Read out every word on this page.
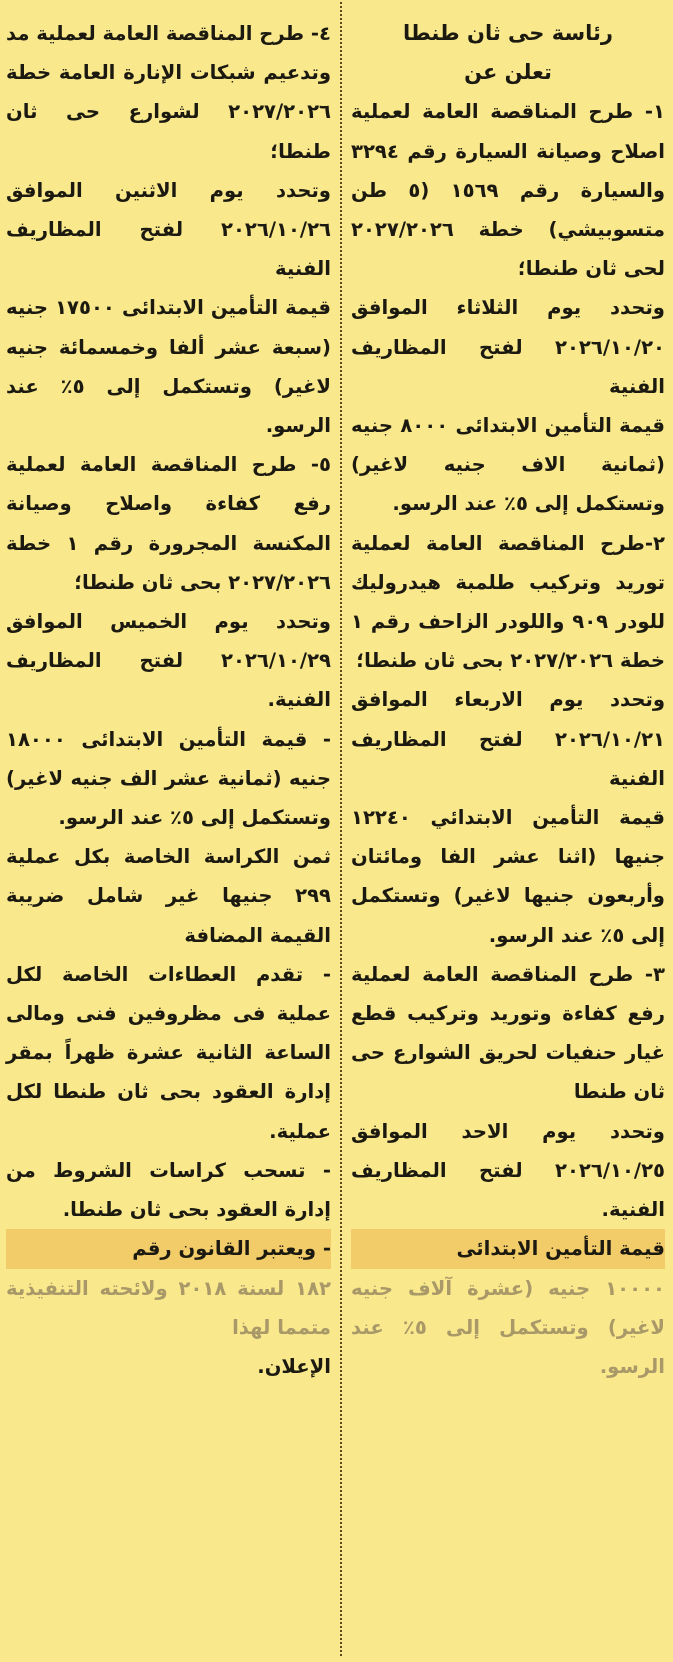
رئاسة حى ثان طنطا

تعلن عن

١- طرح المناقصة العامة لعملية اصلاح وصيانة السيارة رقم ٣٢٩٤ والسيارة رقم ١٥٦٩ (٥ طن متسوبيشي) خطة ٢٠٢٧/٢٠٢٦ لحى ثان طنطا؛

وتحدد يوم الثلاثاء الموافق ٢٠٢٦/١٠/٢٠ لفتح المظاريف الفنية

قيمة التأمين الابتدائى ٨٠٠٠ جنيه (ثمانية الاف جنيه لاغير) وتستكمل إلى ٥٪ عند الرسو.

٢-طرح المناقصة العامة لعملية توريد وتركيب طلمبة هيدروليك للودر ٩٠٩ واللودر الزاحف رقم ١ خطة ٢٠٢٧/٢٠٢٦ بحى ثان طنطا؛

وتحدد يوم الاربعاء الموافق ٢٠٢٦/١٠/٢١ لفتح المظاريف الفنية

قيمة التأمين الابتدائي ١٢٢٤٠ جنيها (اثنا عشر الفا ومائتان وأربعون جنيها لاغير) وتستكمل إلى ٥٪ عند الرسو.

٣- طرح المناقصة العامة لعملية رفع كفاءة وتوريد وتركيب قطع غيار حنفيات لحريق الشوارع حى ثان طنطا

وتحدد يوم الاحد الموافق ٢٠٢٦/١٠/٢٥ لفتح المظاريف الفنية.

قيمة التأمين الابتدائى

١٠٠٠٠ جنيه (عشرة آلاف جنيه لاغير) وتستكمل إلى ٥٪ عند الرسو.

٤- طرح المناقصة العامة لعملية مد وتدعيم شبكات الإنارة العامة خطة ٢٠٢٧/٢٠٢٦ لشوارع حى ثان طنطا؛

وتحدد يوم الاثنين الموافق ٢٠٢٦/١٠/٢٦ لفتح المظاريف الفنية

قيمة التأمين الابتدائى ١٧٥٠٠ جنيه (سبعة عشر ألفا وخمسمائة جنيه لاغير) وتستكمل إلى ٥٪ عند الرسو.

٥- طرح المناقصة العامة لعملية رفع كفاءة واصلاح وصيانة المكنسة المجرورة رقم ١ خطة ٢٠٢٧/٢٠٢٦ بحى ثان طنطا؛

وتحدد يوم الخميس الموافق ٢٠٢٦/١٠/٢٩ لفتح المظاريف الفنية.

- قيمة التأمين الابتدائى ١٨٠٠٠ جنيه (ثمانية عشر الف جنيه لاغير) وتستكمل إلى ٥٪ عند الرسو.

ثمن الكراسة الخاصة بكل عملية ٢٩٩ جنيها غير شامل ضريبة القيمة المضافة

- تقدم العطاءات الخاصة لكل عملية فى مظروفين فنى ومالى الساعة الثانية عشرة ظهراً بمقر إدارة العقود بحى ثان طنطا لكل عملية.

- تسحب كراسات الشروط من إدارة العقود بحى ثان طنطا.

- ويعتبر القانون رقم

١٨٢ لسنة ٢٠١٨ ولائحته التنفيذية متمما لهذا

الإعلان.
